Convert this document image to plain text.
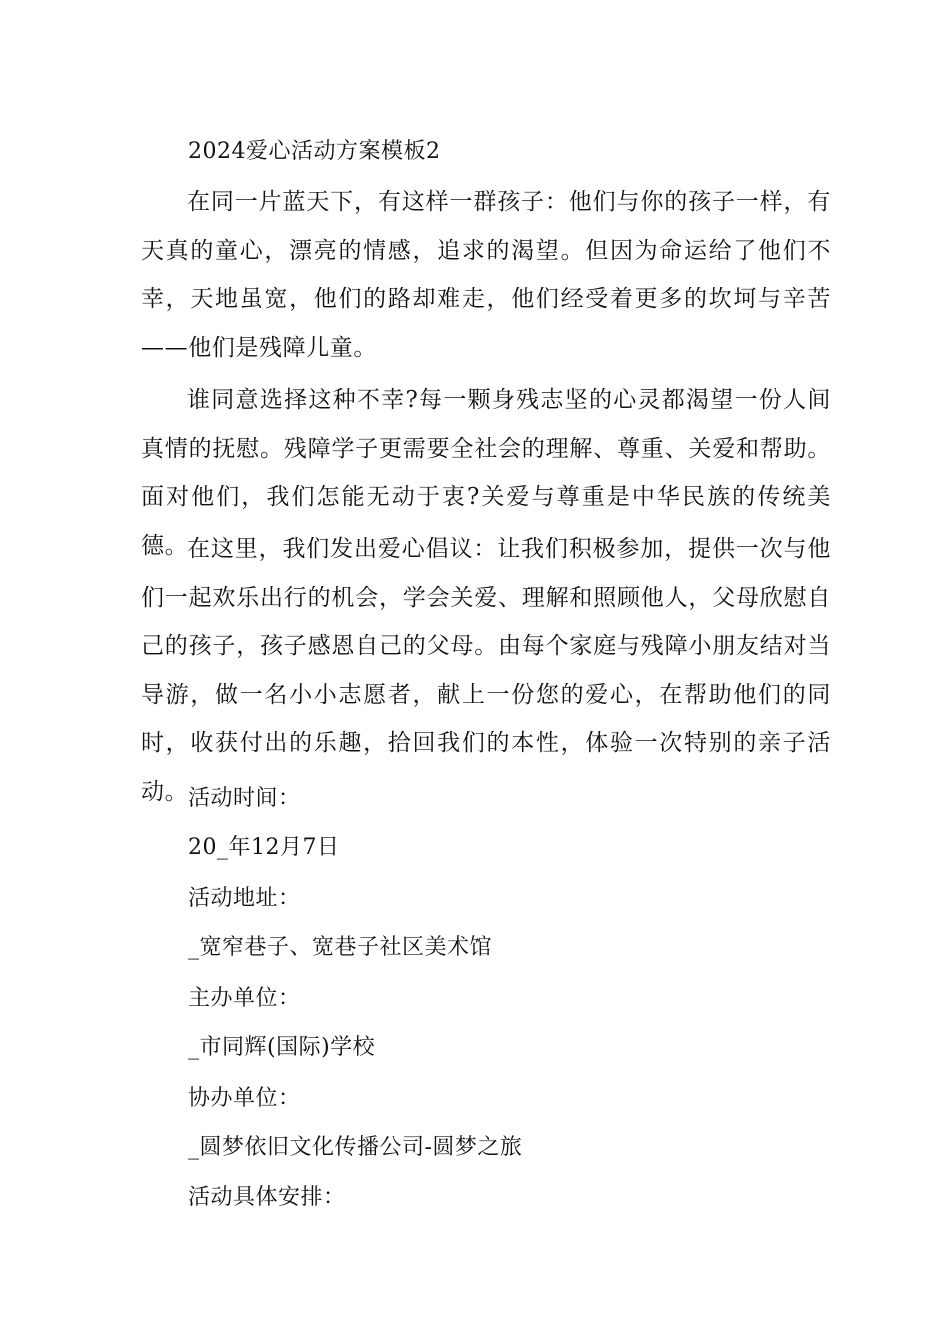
2024爱心活动方案模板2

在同一片蓝天下，有这样一群孩子：他们与你的孩子一样，有天真的童心，漂亮的情感，追求的渴望。但因为命运给了他们不幸，天地虽宽，他们的路却难走，他们经受着更多的坎坷与辛苦——他们是残障儿童。

谁同意选择这种不幸?每一颗身残志坚的心灵都渴望一份人间真情的抚慰。残障学子更需要全社会的理解、尊重、关爱和帮助。面对他们，我们怎能无动于衷?关爱与尊重是中华民族的传统美德。

在这里，我们发出爱心倡议：让我们积极参加，提供一次与他们一起欢乐出行的机会，学会关爱、理解和照顾他人，父母欣慰自己的孩子，孩子感恩自己的父母。由每个家庭与残障小朋友结对当导游，做一名小小志愿者，献上一份您的爱心，在帮助他们的同时，收获付出的乐趣，拾回我们的本性，体验一次特别的亲子活动。 活动时间：
20_年12月7日
活动地址：
_宽窄巷子、宽巷子社区美术馆
主办单位：
_市同辉(国际)学校
协办单位：
_圆梦依旧文化传播公司-圆梦之旅
活动具体安排：
